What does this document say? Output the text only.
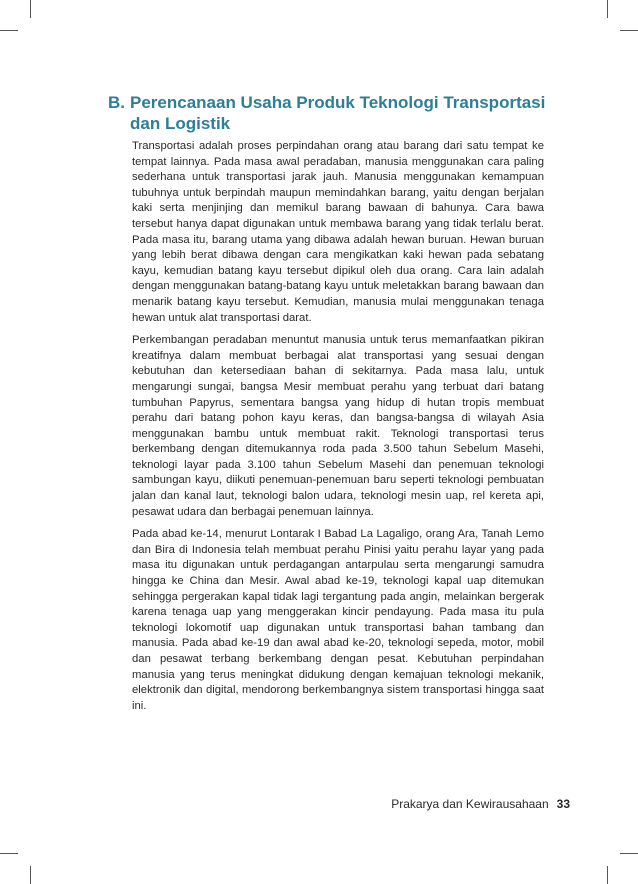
B. Perencanaan Usaha Produk Teknologi Transportasi dan Logistik

Transportasi adalah proses perpindahan orang atau barang dari satu tempat ke tempat lainnya. Pada masa awal peradaban, manusia menggunakan cara paling sederhana untuk transportasi jarak jauh. Manusia menggunakan kemampuan tubuhnya untuk berpindah maupun memindahkan barang, yaitu dengan berjalan kaki serta menjinjing dan memikul barang bawaan di bahunya. Cara bawa tersebut hanya dapat digunakan untuk membawa barang yang tidak terlalu berat. Pada masa itu, barang utama yang dibawa adalah hewan buruan. Hewan buruan yang lebih berat dibawa dengan cara mengikatkan kaki hewan pada sebatang kayu, kemudian batang kayu tersebut dipikul oleh dua orang. Cara lain adalah dengan menggunakan batang-batang kayu untuk meletakkan barang bawaan dan menarik batang kayu tersebut. Kemudian, manusia mulai menggunakan tenaga hewan untuk alat transportasi darat.

Perkembangan peradaban menuntut manusia untuk terus memanfaatkan pikiran kreatifnya dalam membuat berbagai alat transportasi yang sesuai dengan kebutuhan dan ketersediaan bahan di sekitarnya. Pada masa lalu, untuk mengarungi sungai, bangsa Mesir membuat perahu yang terbuat dari batang tumbuhan Papyrus, sementara bangsa yang hidup di hutan tropis membuat perahu dari batang pohon kayu keras, dan bangsa-bangsa di wilayah Asia menggunakan bambu untuk membuat rakit. Teknologi transportasi terus berkembang dengan ditemukannya roda pada 3.500 tahun Sebelum Masehi, teknologi layar pada 3.100 tahun Sebelum Masehi dan penemuan teknologi sambungan kayu, diikuti penemuan-penemuan baru seperti teknologi pembuatan jalan dan kanal laut, teknologi balon udara, teknologi mesin uap, rel kereta api, pesawat udara dan berbagai penemuan lainnya.

Pada abad ke-14, menurut Lontarak I Babad La Lagaligo, orang Ara, Tanah Lemo dan Bira di Indonesia telah membuat perahu Pinisi yaitu perahu layar yang pada masa itu digunakan untuk perdagangan antarpulau serta mengarungi samudra hingga ke China dan Mesir. Awal abad ke-19, teknologi kapal uap ditemukan sehingga pergerakan kapal tidak lagi tergantung pada angin, melainkan bergerak karena tenaga uap yang menggerakan kincir pendayung. Pada masa itu pula teknologi lokomotif uap digunakan untuk transportasi bahan tambang dan manusia. Pada abad ke-19 dan awal abad ke-20, teknologi sepeda, motor, mobil dan pesawat terbang berkembang dengan pesat. Kebutuhan perpindahan manusia yang terus meningkat didukung dengan kemajuan teknologi mekanik, elektronik dan digital, mendorong berkembangnya sistem transportasi hingga saat ini.

Prakarya dan Kewirausahaan 33
